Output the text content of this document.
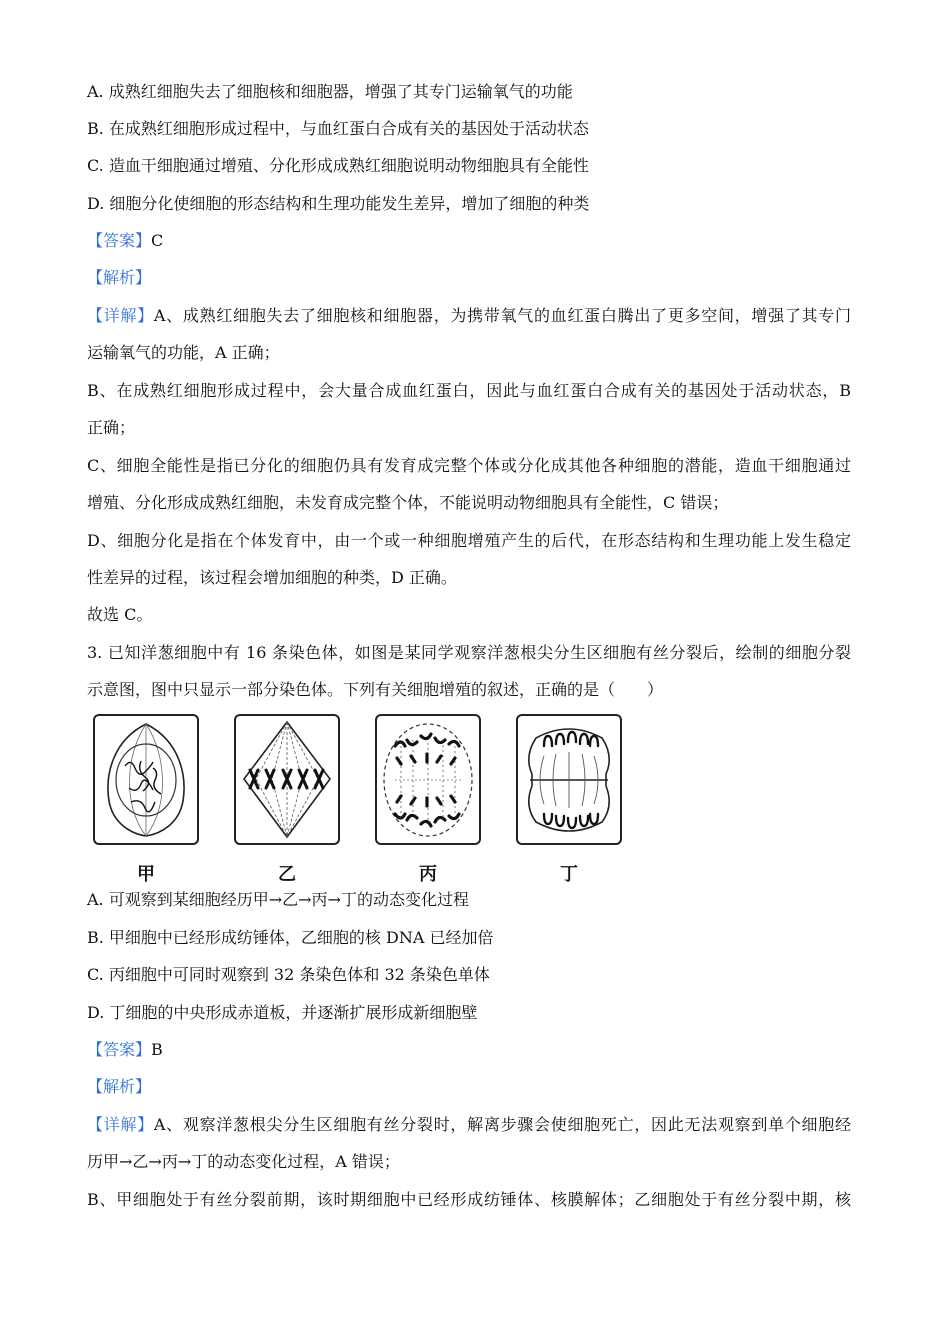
A. 成熟红细胞失去了细胞核和细胞器，增强了其专门运输氧气的功能
B. 在成熟红细胞形成过程中，与血红蛋白合成有关的基因处于活动状态
C. 造血干细胞通过增殖、分化形成成熟红细胞说明动物细胞具有全能性
D. 细胞分化使细胞的形态结构和生理功能发生差异，增加了细胞的种类
【答案】C
【解析】
【详解】A、成熟红细胞失去了细胞核和细胞器，为携带氧气的血红蛋白腾出了更多空间，增强了其专门
运输氧气的功能，A 正确；
B、在成熟红细胞形成过程中，会大量合成血红蛋白，因此与血红蛋白合成有关的基因处于活动状态，B
正确；
C、细胞全能性是指已分化的细胞仍具有发育成完整个体或分化成其他各种细胞的潜能，造血干细胞通过
增殖、分化形成成熟红细胞，未发育成完整个体，不能说明动物细胞具有全能性，C 错误；
D、细胞分化是指在个体发育中，由一个或一种细胞增殖产生的后代，在形态结构和生理功能上发生稳定
性差异的过程，该过程会增加细胞的种类，D 正确。
故选 C。
3. 已知洋葱细胞中有 16 条染色体，如图是某同学观察洋葱根尖分生区细胞有丝分裂后，绘制的细胞分裂
示意图，图中只显示一部分染色体。下列有关细胞增殖的叙述，正确的是（　　）
甲	乙	丙	丁
A. 可观察到某细胞经历甲→乙→丙→丁的动态变化过程
B. 甲细胞中已经形成纺锤体，乙细胞的核 DNA 已经加倍
C. 丙细胞中可同时观察到 32 条染色体和 32 条染色单体
D. 丁细胞的中央形成赤道板，并逐渐扩展形成新细胞壁
【答案】B
【解析】
【详解】A、观察洋葱根尖分生区细胞有丝分裂时，解离步骤会使细胞死亡，因此无法观察到单个细胞经
历甲→乙→丙→丁的动态变化过程，A 错误；
B、甲细胞处于有丝分裂前期，该时期细胞中已经形成纺锤体、核膜解体；乙细胞处于有丝分裂中期，核
